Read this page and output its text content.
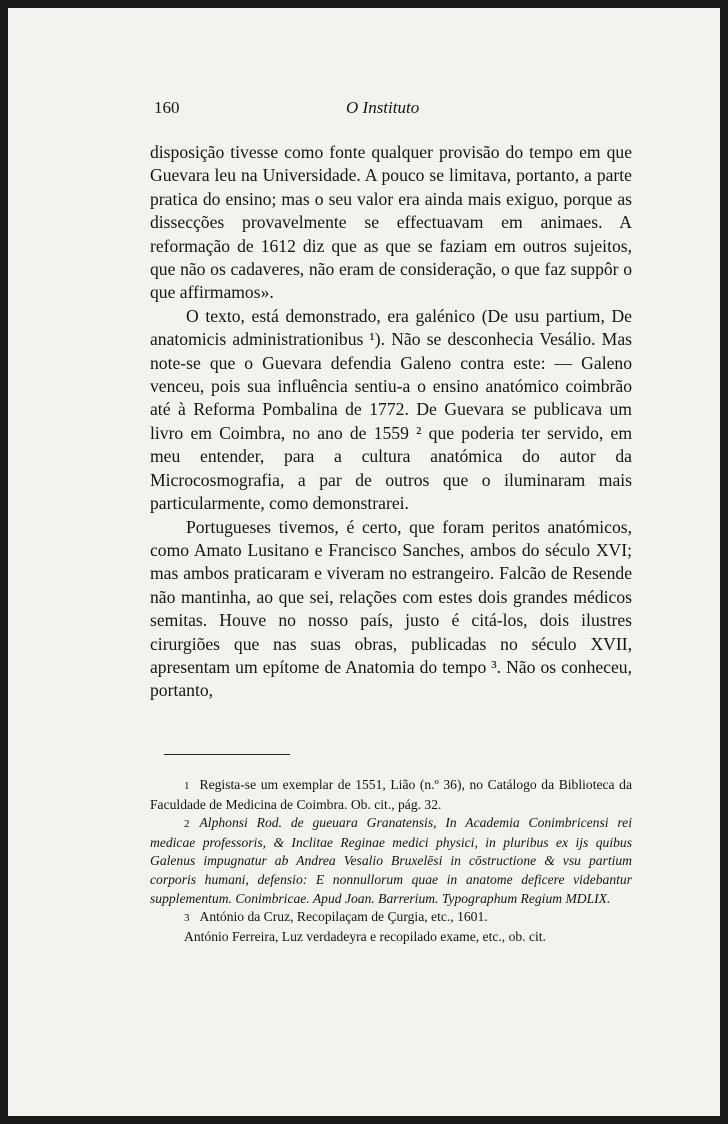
160	O Instituto

disposição tivesse como fonte qualquer provisão do tempo em que Guevara leu na Universidade. A pouco se limitava, portanto, a parte pratica do ensino; mas o seu valor era ainda mais exiguo, porque as dissecções provavelmente se effectuavam em animaes. A reformação de 1612 diz que as que se faziam em outros sujeitos, que não os cadaveres, não eram de consideração, o que faz suppôr o que affirmamos».

O texto, está demonstrado, era galénico (De usu partium, De anatomicis administrationibus ¹). Não se desconhecia Vesálio. Mas note-se que o Guevara defendia Galeno contra este: — Galeno venceu, pois sua influência sentiu-a o ensino anatómico coimbrão até à Reforma Pombalina de 1772. De Guevara se publicava um livro em Coimbra, no ano de 1559 ² que poderia ter servido, em meu entender, para a cultura anatómica do autor da Microcosmografia, a par de outros que o iluminaram mais particularmente, como demonstrarei.

Portugueses tivemos, é certo, que foram peritos anatómicos, como Amato Lusitano e Francisco Sanches, ambos do século XVI; mas ambos praticaram e viveram no estrangeiro. Falcão de Resende não mantinha, ao que sei, relações com estes dois grandes médicos semitas. Houve no nosso país, justo é citá-los, dois ilustres cirurgiões que nas suas obras, publicadas no século XVII, apresentam um epítome de Anatomia do tempo ³. Não os conheceu, portanto,

1 Regista-se um exemplar de 1551, Lião (n.º 36), no Catálogo da Biblioteca da Faculdade de Medicina de Coimbra. Ob. cit., pág. 32.

2 Alphonsi Rod. de gueuara Granatensis, In Academia Conimbricensi rei medicae professoris, & Inclitae Reginae medici physici, in pluribus ex ijs quibus Galenus impugnatur ab Andrea Vesalio Bruxelēsi in cōstructione & vsu partium corporis humani, defensio: E nonnullorum quae in anatome deficere videbantur supplementum. Conimbricae. Apud Joan. Barrerium. Typographum Regium MDLIX.

3 António da Cruz, Recopilaçam de Çurgia, etc., 1601.

António Ferreira, Luz verdadeyra e recopilado exame, etc., ob. cit.
